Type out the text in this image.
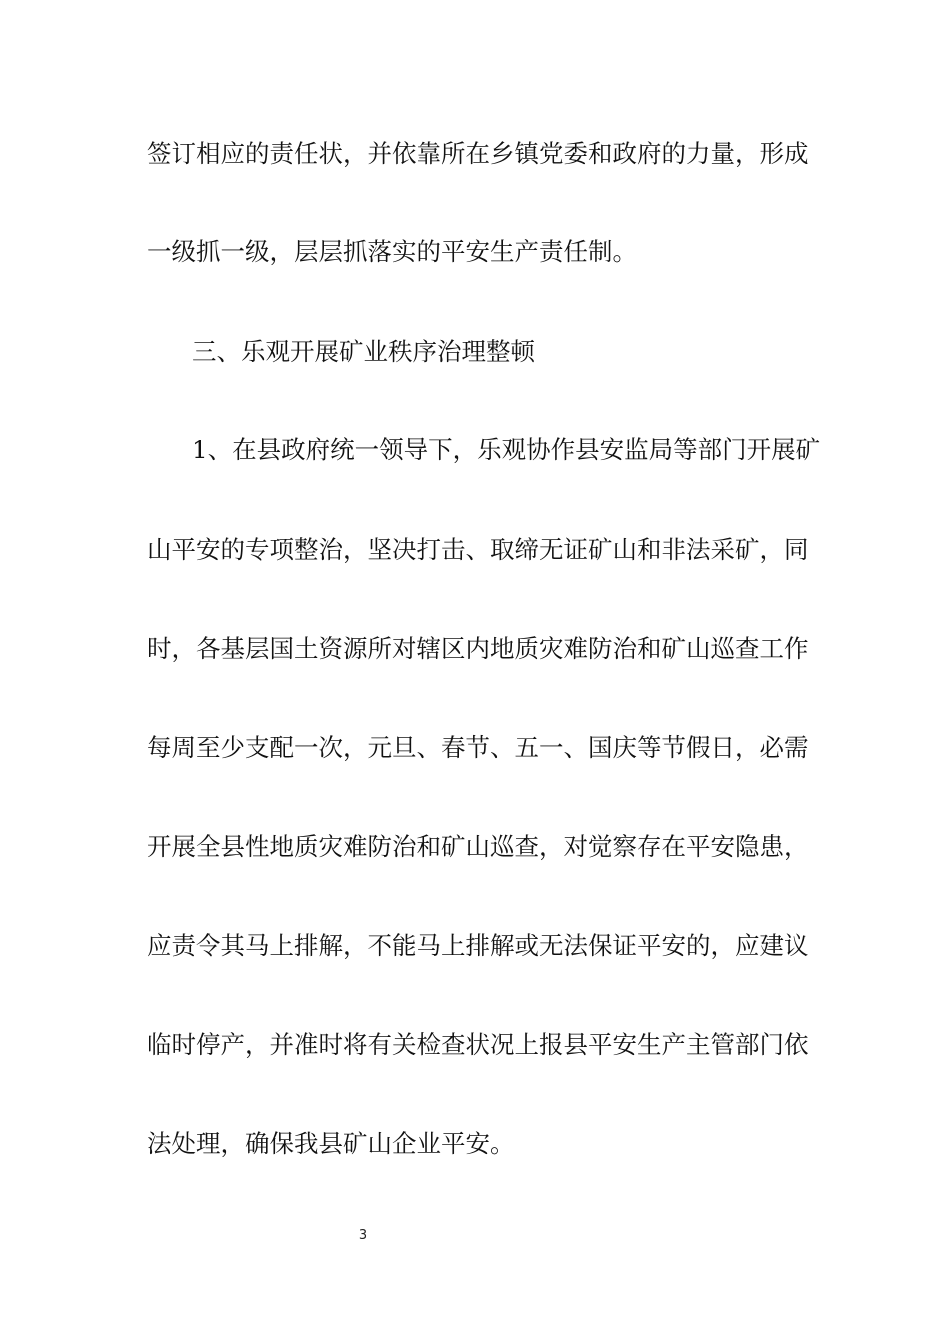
签订相应的责任状，并依靠所在乡镇党委和政府的力量，形成
一级抓一级，层层抓落实的平安生产责任制。
三、乐观开展矿业秩序治理整顿
1、在县政府统一领导下，乐观协作县安监局等部门开展矿
山平安的专项整治，坚决打击、取缔无证矿山和非法采矿，同
时，各基层国土资源所对辖区内地质灾难防治和矿山巡查工作
每周至少支配一次，元旦、春节、五一、国庆等节假日，必需
开展全县性地质灾难防治和矿山巡查，对觉察存在平安隐患，
应责令其马上排解，不能马上排解或无法保证平安的，应建议
临时停产，并准时将有关检查状况上报县平安生产主管部门依
法处理，确保我县矿山企业平安。
3
